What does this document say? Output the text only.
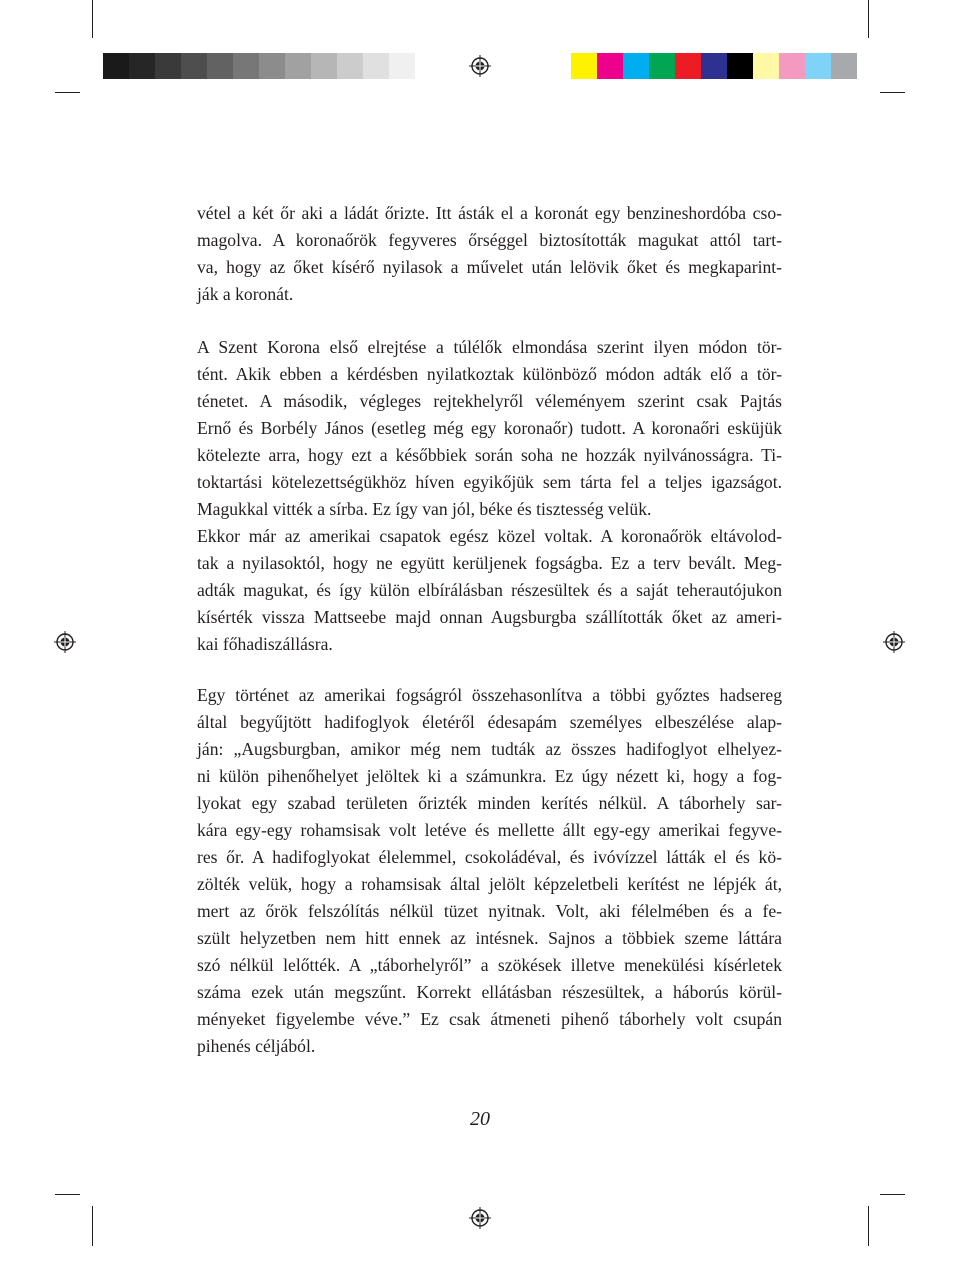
vétel a két őr aki a ládát őrizte. Itt ásták el a koronát egy benzineshordóba cso-
magolva. A koronaőrök fegyveres őrséggel biztosították magukat attól tart-
va, hogy az őket kísérő nyilasok a művelet után lelövik őket és megkaparint-
ják a koronát.
A Szent Korona első elrejtése a túlélők elmondása szerint ilyen módon tör-
tént. Akik ebben a kérdésben nyilatkoztak különböző módon adták elő a tör-
ténetet. A második, végleges rejtekhelyről véleményem szerint csak Pajtás
Ernő és Borbély János (esetleg még egy koronaőr) tudott. A koronaőri esküjük
kötelezte arra, hogy ezt a későbbiek során soha ne hozzák nyilvánosságra. Ti-
toktartási kötelezettségükhöz híven egyikőjük sem tárta fel a teljes igazságot.
Magukkal vitték a sírba. Ez így van jól, béke és tisztesség velük.
Ekkor már az amerikai csapatok egész közel voltak. A koronaőrök eltávolod-
tak a nyilasoktól, hogy ne együtt kerüljenek fogságba. Ez a terv bevált. Meg-
adták magukat, és így külön elbírálásban részesültek és a saját teherautójukon
kísérték vissza Mattseebe majd onnan Augsburgba szállították őket az ameri-
kai főhadiszállásra.
Egy történet az amerikai fogságról összehasonlítva a többi győztes hadsereg
által begyűjtött hadifoglyok életéről édesapám személyes elbeszélése alap-
ján: „Augsburgban, amikor még nem tudták az összes hadifoglyot elhelyez-
ni külön pihenőhelyet jelöltek ki a számunkra. Ez úgy nézett ki, hogy a fog-
lyokat egy szabad területen őrizték minden kerítés nélkül. A táborhely sar-
kára egy-egy rohamsisak volt letéve és mellette állt egy-egy amerikai fegyve-
res őr. A hadifoglyokat élelemmel, csokoládéval, és ivóvízzel látták el és kö-
zölték velük, hogy a rohamsisak által jelölt képzeletbeli kerítést ne lépjék át,
mert az őrök felszólítás nélkül tüzet nyitnak. Volt, aki félelmében és a fe-
szült helyzetben nem hitt ennek az intésnek. Sajnos a többiek szeme láttára
szó nélkül lelőtték. A „táborhelyről” a szökések illetve menekülési kísérletek
száma ezek után megszűnt. Korrekt ellátásban részesültek, a háborús körül-
ményeket figyelembe véve.” Ez csak átmeneti pihenő táborhely volt csupán
pihenés céljából.
20
